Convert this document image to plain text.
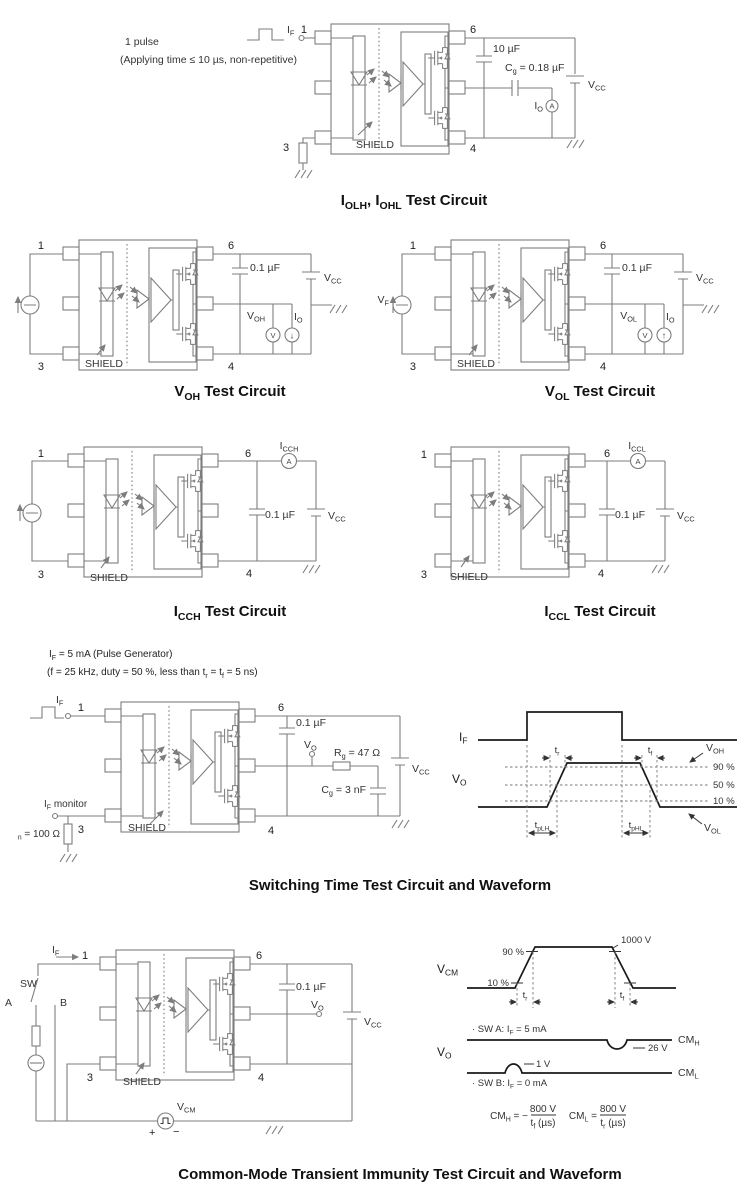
1 pulse
(Applying time ≤ 10 µs, non-repetitive)
$I_F$ 1	6
3	4
SHIELD
10 µF
$C_g = 0.18$ µF
$I_O$ A
$V_{CC}$
1
3
6
4
SHIELD
0.1 µF
$V_{CC}$
$V_{OH}$	$I_O$
V ↓
1
3
6
4
SHIELD
$V_F$
0.1 µF
$V_{CC}$
$V_{OL}$	$I_O$
V ↑
1
3
6
4
SHIELD
A
$I_{CCH}$
0.1 µF	$V_{CC}$
1
3
6
4
SHIELD
A
$I_{CCL}$
0.1 µF	$V_{CC}$
$I_F$ 1
$I_F$ monitor
$_n$ = 100 Ω 3
6
4
SHIELD
0.1 µF
$V_O$ $R_g = 47$ Ω
$C_g = 3$ nF
$V_{CC}$
$I_F$
$V_O$
90 %
50 %
10 %
$V_{OH}$
$V_{OL}$
$t_r$	$t_f$
$t_{pLH}$	$t_{pHL}$
$I_F$ 1
SW
A	B
$V_{CM}$
+ −
6
4
3	SHIELD
0.1 µF
$V_O$
$V_{CC}$
$V_{CM}$
90 %
10 %
1000 V
$t_r$	$t_f$
· SW A: $I_F = 5$ mA
$CM_H$
26 V
$V_O$
1 V
· SW B: $I_F = 0$ mA
$CM_L$
$CM_H$ = −
800 V
$t_f$ (µs)
$CM_L$ =
800 V
$t_r$ (µs)
$I_{OLH}$, $I_{OHL}$ Test Circuit
$V_{OH}$ Test Circuit	$V_{OL}$ Test Circuit
$I_{CCH}$ Test Circuit	$I_{CCL}$ Test Circuit
Switching Time Test Circuit and Waveform
Common-Mode Transient Immunity Test Circuit and Waveform
$I_F = 5$ mA (Pulse Generator)
(f = 25 kHz, duty = 50 %, less than $t_r = t_f = 5$ ns)
